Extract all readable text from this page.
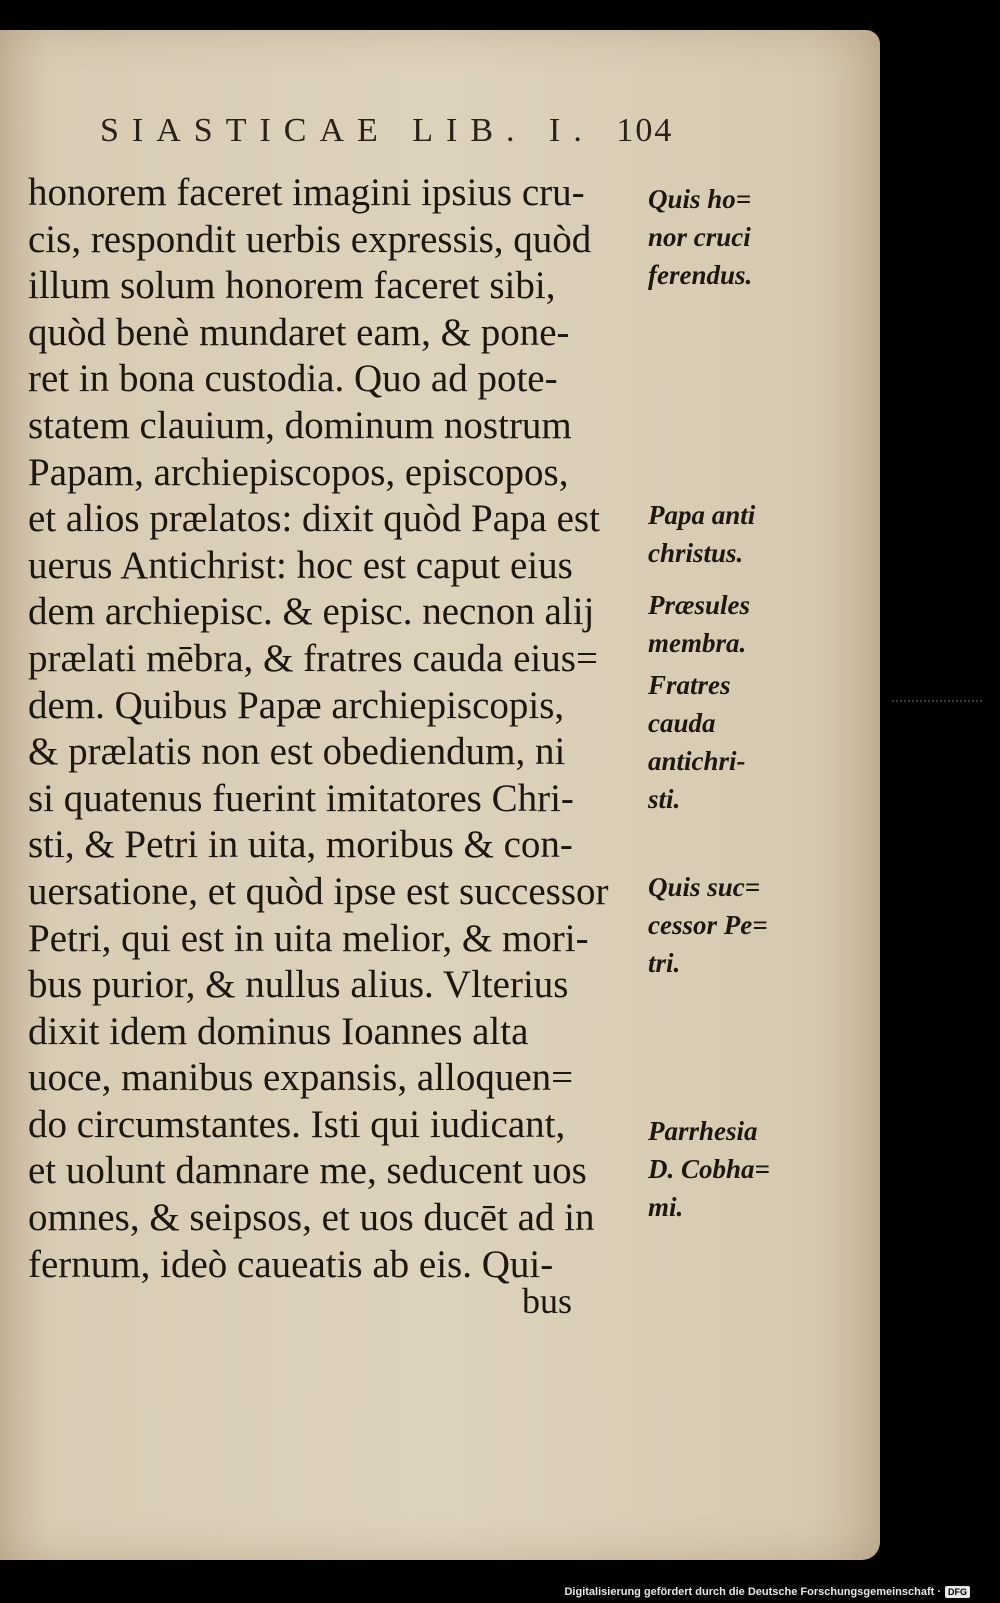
SIASTICAE LIB. I. 104
honorem faceret imagini ipsius cru-
cis, respondit uerbis expressis, quòd
illum solum honorem faceret sibi,
quòd benè mundaret eam, & pone-
ret in bona custodia. Quo ad pote-
statem clauium, dominum nostrum
Papam, archiepiscopos, episcopos,
et alios prælatos: dixit quòd Papa est
uerus Antichrist: hoc est caput eius
dem archiepisc. & episc. necnon alij
prælati mēbra, & fratres cauda eius=
dem. Quibus Papæ archiepiscopis,
& prælatis non est obediendum, ni
si quatenus fuerint imitatores Chri-
sti, & Petri in uita, moribus & con-
uersatione, et quòd ipse est successor
Petri, qui est in uita melior, & mori-
bus purior, & nullus alius. Vlterius
dixit idem dominus Ioannes alta
uoce, manibus expansis, alloquen=
do circumstantes. Isti qui iudicant,
et uolunt damnare me, seducent uos
omnes, & seipsos, et uos ducēt ad in
fernum, ideò caueatis ab eis. Qui-
bus
Quis ho=
nor cruci
ferendus.
Papa anti
christus.
Præsules
membra.
Fratres
cauda
antichri-
sti.
Quis suc=
cessor Pe=
tri.
Parrhesia
D. Cobha=
mi.
Digitalisierung gefördert durch die Deutsche Forschungsgemeinschaft · DFG
